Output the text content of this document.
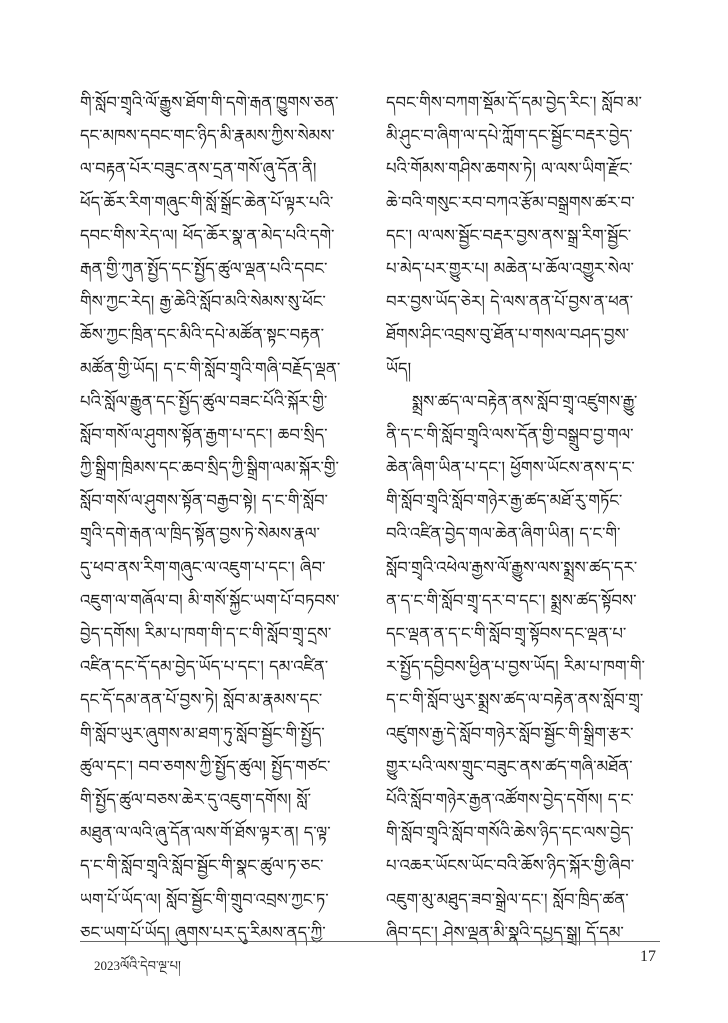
གི་སློབ་གྲྭའི་ལོ་རྒྱུས་ཐོག་གི་དགེ་རྒན་ཁྱུགས་ཅན་
དང་མཁས་དབང་གང་ཉིད་མི་རྣམས་ཀྱིས་སེམས་
ལ་བརྟན་པོར་བཟུང་ནས་དྲན་གསོ་ཞུ་དོན་ནི།
ཕོད་ཆོར་རིག་གཞུང་གི་སློ་སྒྲོང་ཆེན་པོ་ལྟར་པའི་
དབང་གིས་རེད་ལ། ཕོད་ཆོར་སྣ་ན་མེད་པའི་དགེ་
རྒན་གྱི་ཀུན་སྤྱོད་དང་སྤྱོད་ཚུལ་ལྡན་པའི་དབང་
གིས་ཀྱང་རེད། རྒྱ་ཆེའི་སློབ་མའི་སེམས་སུ་ཕོང་
ཆོས་ཀྱང་ཁྲིན་དང་མིའི་དཔེ་མཚོན་སྟང་བརྟན་
མཚོན་གྱི་ཡོད། ད་ང་གི་སློབ་གྲྭའི་གཞི་བརྗོད་ལྡན་
པའི་སློལ་རྒྱུན་དང་སྤྱོད་ཚུལ་བཟང་པོའི་སྐོར་གྱི་
སློབ་གསོ་ལ་ཤུགས་སྟོན་རྒྱག་པ་དང་། ཆབ་སྲིད་
ཀྱི་སྒྲིག་ཁྲིམས་དང་ཆབ་སྲིད་ཀྱི་སྒྲིག་ལམ་སྐོར་གྱི་
སློབ་གསོ་ལ་ཤུགས་སྟོན་བརྒྱབ་སྟེ། ད་ང་གི་སློབ་
གྲྭའི་དགེ་རྒན་ལ་ཁྲིད་སྟོན་བྱས་ཏེ་སེམས་རྣལ་
དུ་ཕབ་ནས་རིག་གཞུང་ལ་འཇུག་པ་དང་། ཞིབ་
འཇུག་ལ་གཞོལ་བ། མི་གསོ་སྐྱོང་ཡག་པོ་བཏབས་
བྱེད་དགོས། རིམ་པ་ཁག་གི་ད་ང་གི་སློབ་གྲྭ་དྲས་
འཛིན་དང་དོ་དམ་བྱེད་ཡོད་པ་དང་། དམ་འཛིན་
དང་དོ་དམ་ནན་པོ་བྱས་ཏེ། སློབ་མ་རྣམས་དང་
གི་སློབ་ཡུར་ཞུགས་མ་ཐག་ཏུ་སློབ་སྦྱོང་གི་སྤྱོད་
ཚུལ་དང་། བབ་ཅགས་ཀྱི་སྤྱོད་ཚུལ། སྤྱོད་གཙང་
གི་སྤྱོད་ཚུལ་བཅས་ཆེར་དུ་འཇུག་དགོས། སློ་
མཐུན་ལ་ལའི་ཞུ་དོན་ལས་གོ་ཐོས་ལྟར་ན། ད་ལྟ་
ད་ང་གི་སློབ་གྲྭའི་སློབ་སྦྱོང་གི་སྣང་ཚུལ་ཏ་ཅང་
ཡག་པོ་ཡོད་ལ། སློབ་སྦྱོང་གི་གྲུབ་འབྲས་ཀྱང་ཏ་
ཅང་ཡག་པོ་ཡོད། ཞུགས་པར་དུ་རིམས་ནད་ཀྱི་
དབང་གིས་བཀག་སྡོམ་དོ་དམ་བྱེད་རིང་། སློབ་མ་
མི་ཤུང་བ་ཞིག་ལ་དཔེ་ཀློག་དང་སྦྱོང་བརྡར་བྱེད་
པའི་གོམས་གཤིས་ཆགས་ཏེ། ལ་ལས་ཡིག་རྫོང་
ཆེ་བའི་གསུང་རབ་བཀའ་རྩོམ་བསྒྲགས་ཚར་བ་
དང་། ལ་ལས་སྦྱོང་བརྡར་བྱས་ནས་སྒྲ་རིག་སྦྱོང་
པ་མེད་པར་གྱུར་པ། མཆེན་པ་ཆོལ་འགྱུར་སེལ་
བར་བྱས་ཡོད་ཅེར། དེ་ལས་ནན་པོ་བྱས་ན་ཕན་
ཐོགས་ཤིང་འབྲས་བུ་ཐོན་པ་གསལ་བཤད་བྱས་
ཡོད།
སྨྲས་ཚད་ལ་བརྟེན་ནས་སློབ་གྲྭ་འཛུགས་རྒྱུ་
ནི་ད་ང་གི་སློབ་གྲྭའི་ལས་དོན་གྱི་བསྒྲུབ་བྱ་གལ་
ཆེན་ཞིག་ཡིན་པ་དང་། ཕྱོགས་ཡོངས་ནས་ད་ང་
གི་སློབ་གྲྭའི་སློབ་གཉེར་རྒྱ་ཚད་མཐོ་རུ་གཏོང་
བའི་འཛིན་བྱེད་གལ་ཆེན་ཞིག་ཡིན། ད་ང་གི་
སློབ་གྲྭའི་འཕེལ་རྒྱས་ལོ་རྒྱུས་ལས་སྨྲས་ཚད་དར་
ན་ད་ང་གི་སློབ་གྲྭ་དར་བ་དང་། སྨྲས་ཚད་སྟོབས་
དང་ལྡན་ན་ད་ང་གི་སློབ་གྲྭ་སྟོབས་དང་ལྡན་པ་
ར་སྤྱོད་དབྱིབས་ཕྱིན་པ་བྱས་ཡོད། རིམ་པ་ཁག་གི་
ད་ང་གི་སློབ་ཡུར་སྨྲས་ཚད་ལ་བརྟེན་ནས་སློབ་གྲྭ་
འཛུགས་རྒྱ་དེ་སློབ་གཉེར་སློབ་སྦྱོང་གི་སྒྲིག་རྩར་
གྱུར་པའི་ལས་གྲུང་བཟུང་ནས་ཚད་གཞི་མཐོན་
པོའི་སློབ་གཉེར་རྒྱན་འཚོགས་བྱེད་དགོས། ད་ང་
གི་སློབ་གྲྭའི་སློབ་གསོའི་ཆེས་ཉིད་དང་ལས་བྱེད་
པ་འཆར་ཡོངས་ཡོང་བའི་ཆོས་ཉིད་སྐོར་གྱི་ཞིབ་
འཇུག་མུ་མཐུད་ཟབ་སྒྲེལ་དང་། སློབ་ཁྲིད་ཚན་
ཞིབ་དང་། ཤེས་ལྡན་མི་སྣའི་དཔྱད་སྒྲ། དོ་དམ་
2023ལོའི་དེབ་ལྔ་པ།
17
